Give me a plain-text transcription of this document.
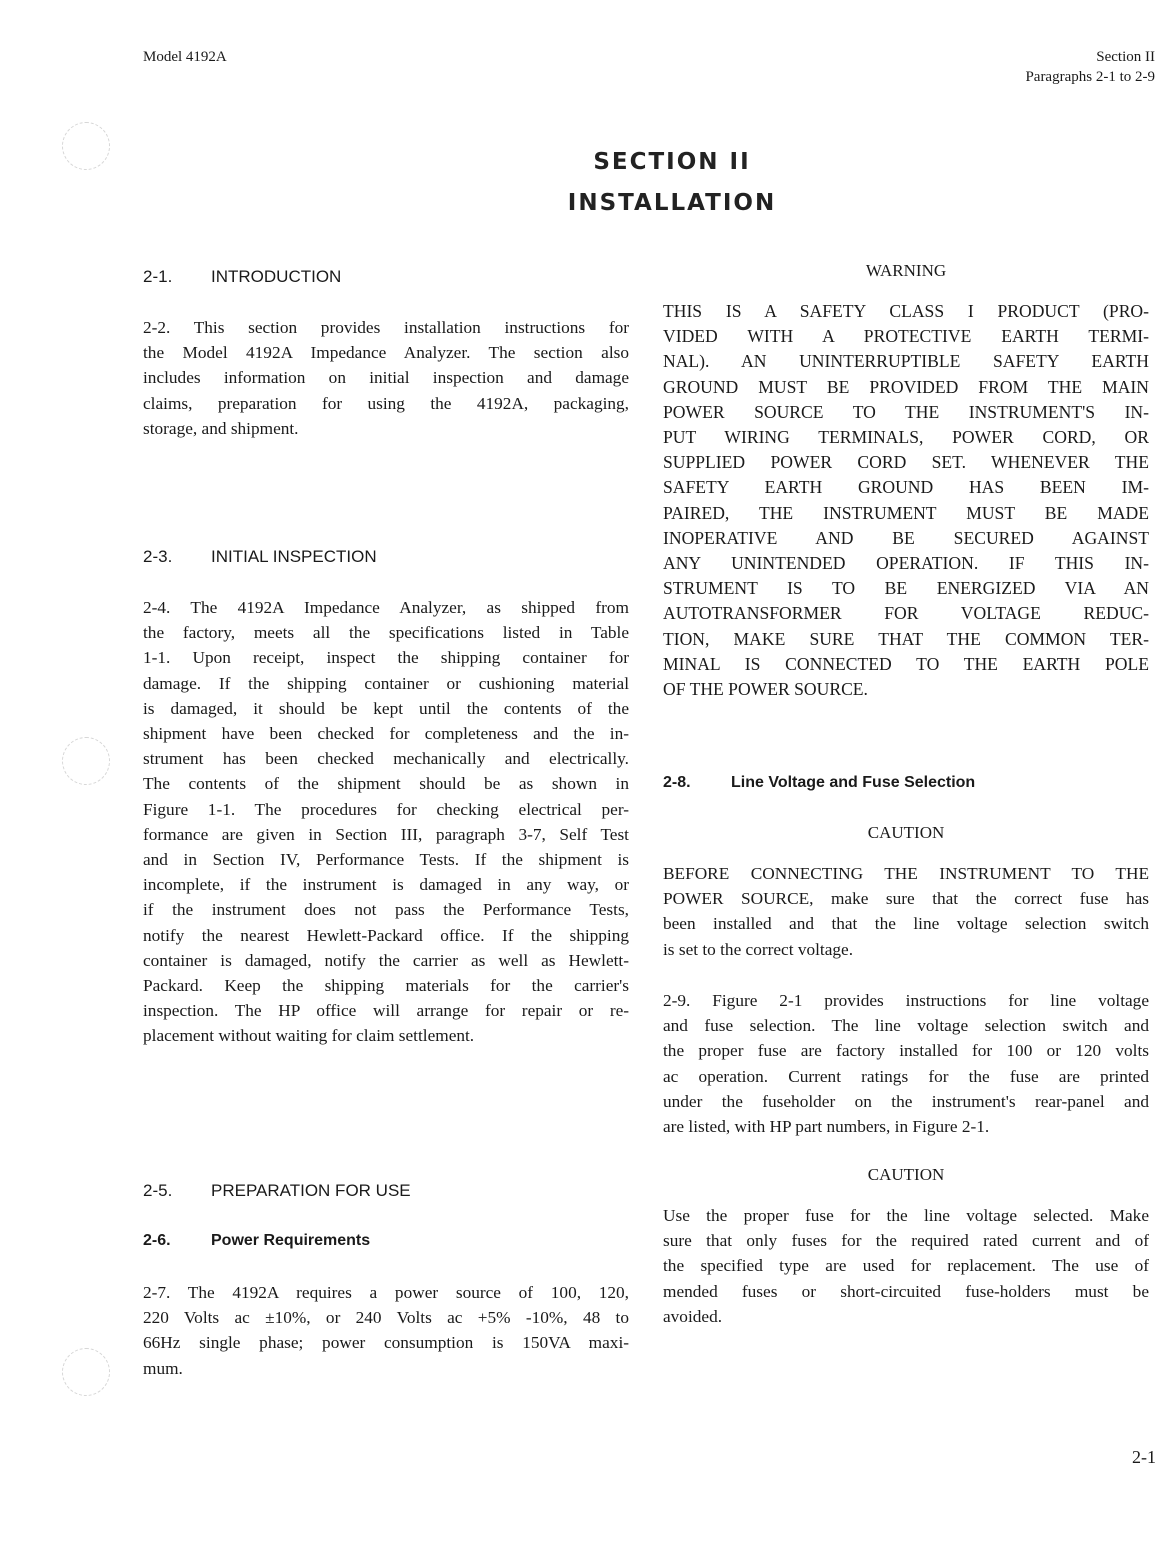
Model 4192A	Section II
Paragraphs 2-1 to 2-9
SECTION II
INSTALLATION
2-1. INTRODUCTION
2-2. This section provides installation instructions for
the Model 4192A Impedance Analyzer. The section also
includes information on initial inspection and damage
claims, preparation for using the 4192A, packaging,
storage, and shipment.
2-3. INITIAL INSPECTION
2-4. The 4192A Impedance Analyzer, as shipped from
the factory, meets all the specifications listed in Table
1-1. Upon receipt, inspect the shipping container for
damage. If the shipping container or cushioning material
is damaged, it should be kept until the contents of the
shipment have been checked for completeness and the in-
strument has been checked mechanically and electrically.
The contents of the shipment should be as shown in
Figure 1-1. The procedures for checking electrical per-
formance are given in Section III, paragraph 3-7, Self Test
and in Section IV, Performance Tests. If the shipment is
incomplete, if the instrument is damaged in any way, or
if the instrument does not pass the Performance Tests,
notify the nearest Hewlett-Packard office. If the shipping
container is damaged, notify the carrier as well as Hewlett-
Packard. Keep the shipping materials for the carrier's
inspection. The HP office will arrange for repair or re-
placement without waiting for claim settlement.
2-5. PREPARATION FOR USE
2-6.	Power Requirements
2-7. The 4192A requires a power source of 100, 120,
220 Volts ac ±10%, or 240 Volts ac +5% -10%, 48 to
66Hz single phase; power consumption is 150VA maxi-
mum.
WARNING
THIS IS A SAFETY CLASS I PRODUCT (PRO-
VIDED WITH A PROTECTIVE EARTH TERMI-
NAL). AN UNINTERRUPTIBLE SAFETY EARTH
GROUND MUST BE PROVIDED FROM THE MAIN
POWER SOURCE TO THE INSTRUMENT'S IN-
PUT WIRING TERMINALS, POWER CORD, OR
SUPPLIED POWER CORD SET. WHENEVER THE
SAFETY EARTH GROUND HAS BEEN IM-
PAIRED, THE INSTRUMENT MUST BE MADE
INOPERATIVE AND BE SECURED AGAINST
ANY UNINTENDED OPERATION. IF THIS IN-
STRUMENT IS TO BE ENERGIZED VIA AN
AUTOTRANSFORMER FOR VOLTAGE REDUC-
TION, MAKE SURE THAT THE COMMON TER-
MINAL IS CONNECTED TO THE EARTH POLE
OF THE POWER SOURCE.
2-8.	Line Voltage and Fuse Selection
CAUTION
BEFORE CONNECTING THE INSTRUMENT TO THE
POWER SOURCE, make sure that the correct fuse has
been installed and that the line voltage selection switch
is set to the correct voltage.
2-9. Figure 2-1 provides instructions for line voltage
and fuse selection. The line voltage selection switch and
the proper fuse are factory installed for 100 or 120 volts
ac operation. Current ratings for the fuse are printed
under the fuseholder on the instrument's rear-panel and
are listed, with HP part numbers, in Figure 2-1.
CAUTION
Use the proper fuse for the line voltage selected. Make
sure that only fuses for the required rated current and of
the specified type are used for replacement. The use of
mended fuses or short-circuited fuse-holders must be
avoided.
2-1
